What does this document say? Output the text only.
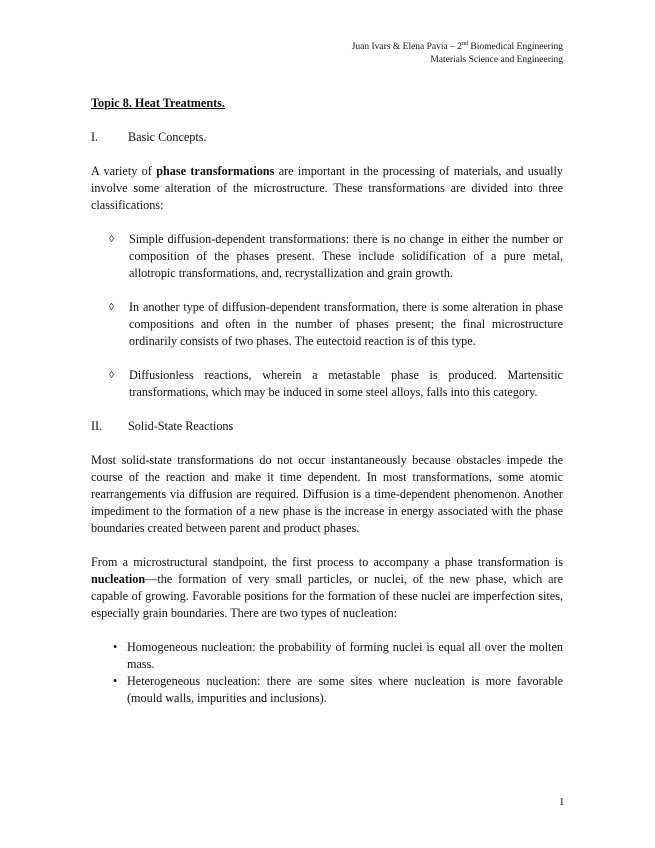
Juan Ivars & Elena Pavía – 2nd Biomedical Engineering
Materials Science and Engineering
Topic 8. Heat Treatments.
I.	Basic Concepts.

A variety of phase transformations are important in the processing of materials, and usually involve some alteration of the microstructure. These transformations are divided into three classifications:

◊ Simple diffusion-dependent transformations: there is no change in either the number or composition of the phases present. These include solidification of a pure metal, allotropic transformations, and, recrystallization and grain growth.
◊ In another type of diffusion-dependent transformation, there is some alteration in phase compositions and often in the number of phases present; the final microstructure ordinarily consists of two phases. The eutectoid reaction is of this type.
◊ Diffusionless reactions, wherein a metastable phase is produced. Martensitic transformations, which may be induced in some steel alloys, falls into this category.
II.	Solid-State Reactions

Most solid-state transformations do not occur instantaneously because obstacles impede the course of the reaction and make it time dependent. In most transformations, some atomic rearrangements via diffusion are required. Diffusion is a time-dependent phenomenon. Another impediment to the formation of a new phase is the increase in energy associated with the phase boundaries created between parent and product phases.

From a microstructural standpoint, the first process to accompany a phase transformation is nucleation—the formation of very small particles, or nuclei, of the new phase, which are capable of growing. Favorable positions for the formation of these nuclei are imperfection sites, especially grain boundaries. There are two types of nucleation:

• Homogeneous nucleation: the probability of forming nuclei is equal all over the molten mass.
• Heterogeneous nucleation: there are some sites where nucleation is more favorable (mould walls, impurities and inclusions).
1
